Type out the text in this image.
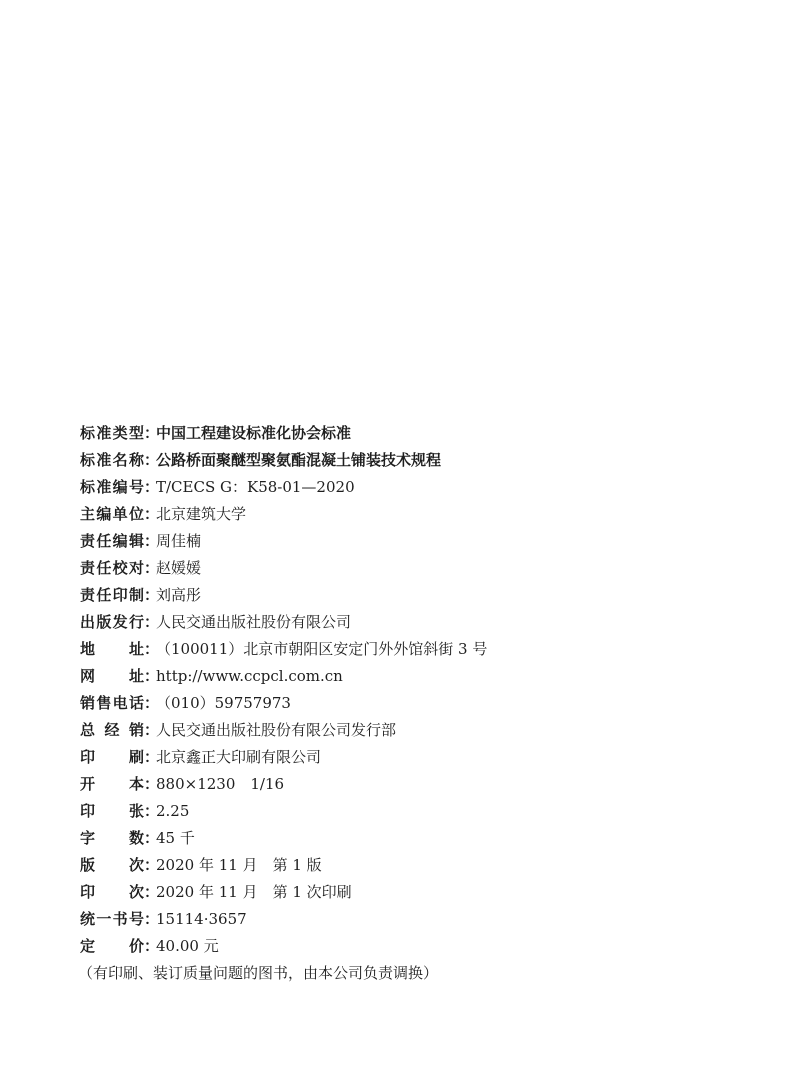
标准类型：中国工程建设标准化协会标准
标准名称：公路桥面聚醚型聚氨酯混凝土铺装技术规程
标准编号：T/CECS G：K58-01—2020
主编单位：北京建筑大学
责任编辑：周佳楠
责任校对：赵媛媛
责任印制：刘高彤
出版发行：人民交通出版社股份有限公司
地 址：（100011）北京市朝阳区安定门外外馆斜街 3 号
网 址：http://www.ccpcl.com.cn
销售电话：（010）59757973
总 经 销：人民交通出版社股份有限公司发行部
印 刷：北京鑫正大印刷有限公司
开 本：880×1230　1/16
印 张：2.25
字 数：45 千
版 次：2020 年 11 月　第 1 版
印 次：2020 年 11 月　第 1 次印刷
统一书号：15114·3657
定 价：40.00 元
（有印刷、装订质量问题的图书，由本公司负责调换）
